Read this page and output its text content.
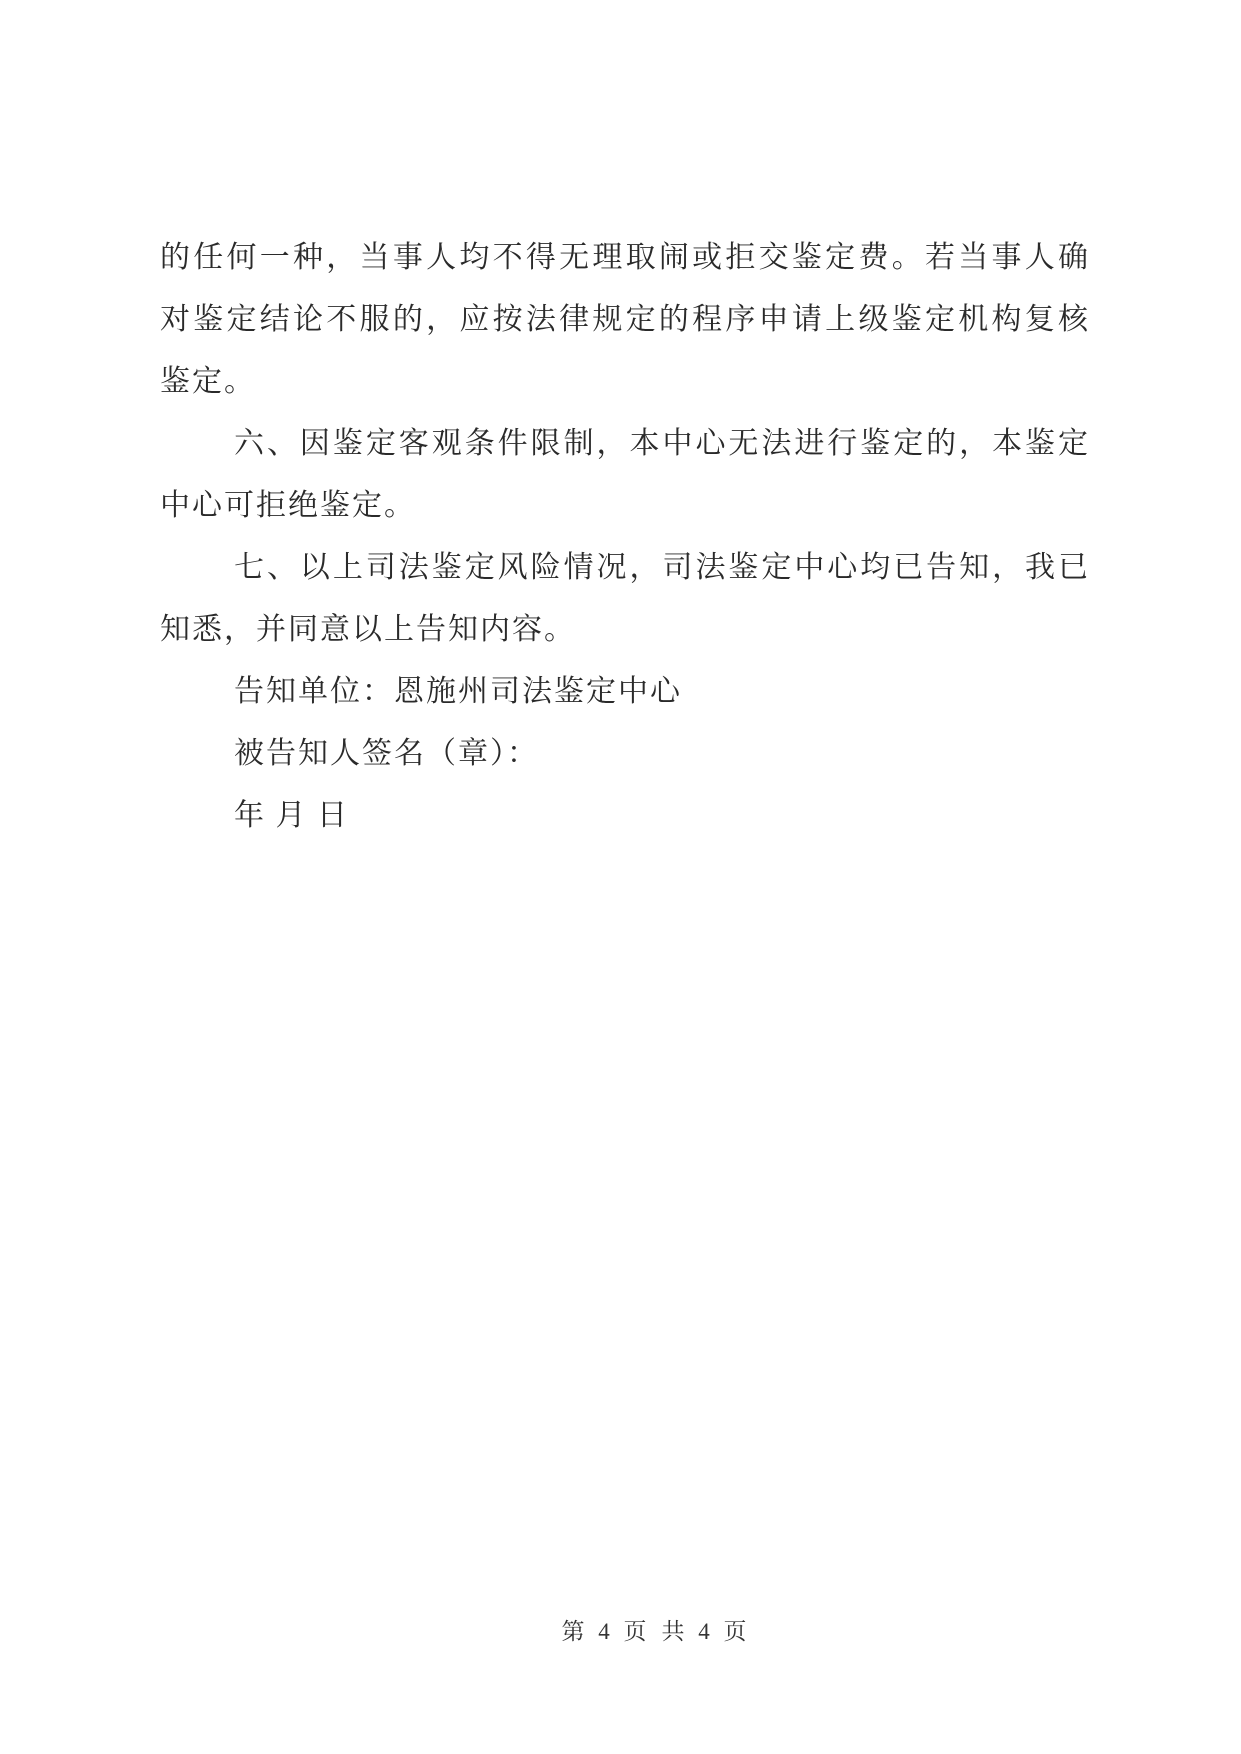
的任何一种，当事人均不得无理取闹或拒交鉴定费。若当事人确
对鉴定结论不服的，应按法律规定的程序申请上级鉴定机构复核
鉴定。
六、因鉴定客观条件限制，本中心无法进行鉴定的，本鉴定
中心可拒绝鉴定。
七、以上司法鉴定风险情况，司法鉴定中心均已告知，我已
知悉，并同意以上告知内容。
告知单位：恩施州司法鉴定中心
被告知人签名（章）：
年 月 日
第 4 页 共 4 页
